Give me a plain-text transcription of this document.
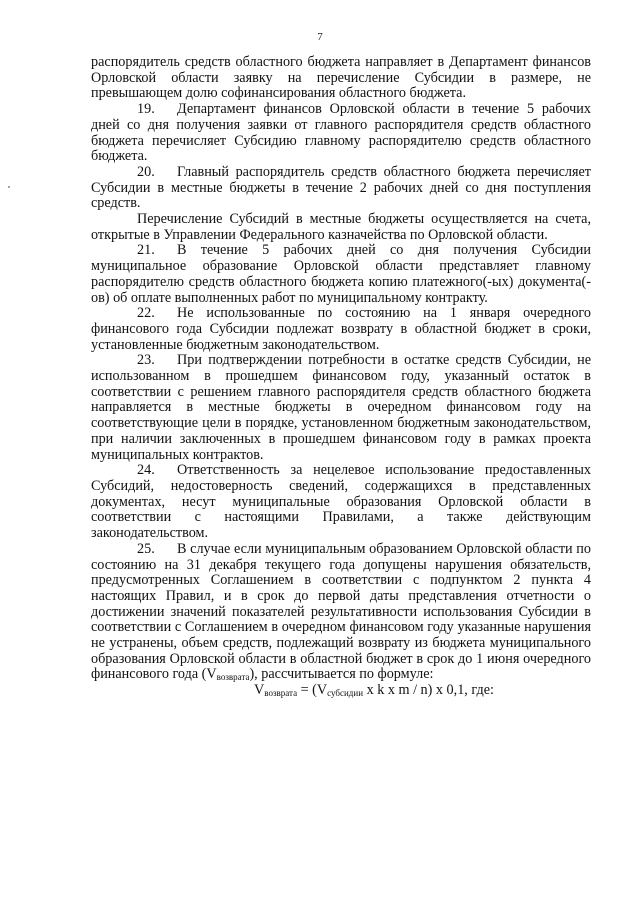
7

распорядитель средств областного бюджета направляет в Департамент финансов Орловской области заявку на перечисление Субсидии в размере, не превышающем долю софинансирования областного бюджета.

19. Департамент финансов Орловской области в течение 5 рабочих дней со дня получения заявки от главного распорядителя средств областного бюджета перечисляет Субсидию главному распорядителю средств областного бюджета.

20. Главный распорядитель средств областного бюджета перечисляет Субсидии в местные бюджеты в течение 2 рабочих дней со дня поступления средств.

Перечисление Субсидий в местные бюджеты осуществляется на счета, открытые в Управлении Федерального казначейства по Орловской области.

21. В течение 5 рабочих дней со дня получения Субсидии муниципальное образование Орловской области представляет главному распорядителю средств областного бюджета копию платежного(-ых) документа(-ов) об оплате выполненных работ по муниципальному контракту.

22. Не использованные по состоянию на 1 января очередного финансового года Субсидии подлежат возврату в областной бюджет в сроки, установленные бюджетным законодательством.

23. При подтверждении потребности в остатке средств Субсидии, не использованном в прошедшем финансовом году, указанный остаток в соответствии с решением главного распорядителя средств областного бюджета направляется в местные бюджеты в очередном финансовом году на соответствующие цели в порядке, установленном бюджетным законодательством, при наличии заключенных в прошедшем финансовом году в рамках проекта муниципальных контрактов.

24. Ответственность за нецелевое использование предоставленных Субсидий, недостоверность сведений, содержащихся в представленных документах, несут муниципальные образования Орловской области в соответствии с настоящими Правилами, а также действующим законодательством.

25. В случае если муниципальным образованием Орловской области по состоянию на 31 декабря текущего года допущены нарушения обязательств, предусмотренных Соглашением в соответствии с подпунктом 2 пункта 4 настоящих Правил, и в срок до первой даты представления отчетности о достижении значений показателей результативности использования Субсидии в соответствии с Соглашением в очередном финансовом году указанные нарушения не устранены, объем средств, подлежащий возврату из бюджета муниципального образования Орловской области в областной бюджет в срок до 1 июня очередного финансового года $(V_{возврата})$, рассчитывается по формуле:

$V_{возврата} = (V_{субсидии}$ x k x m / n) x 0,1, где:
